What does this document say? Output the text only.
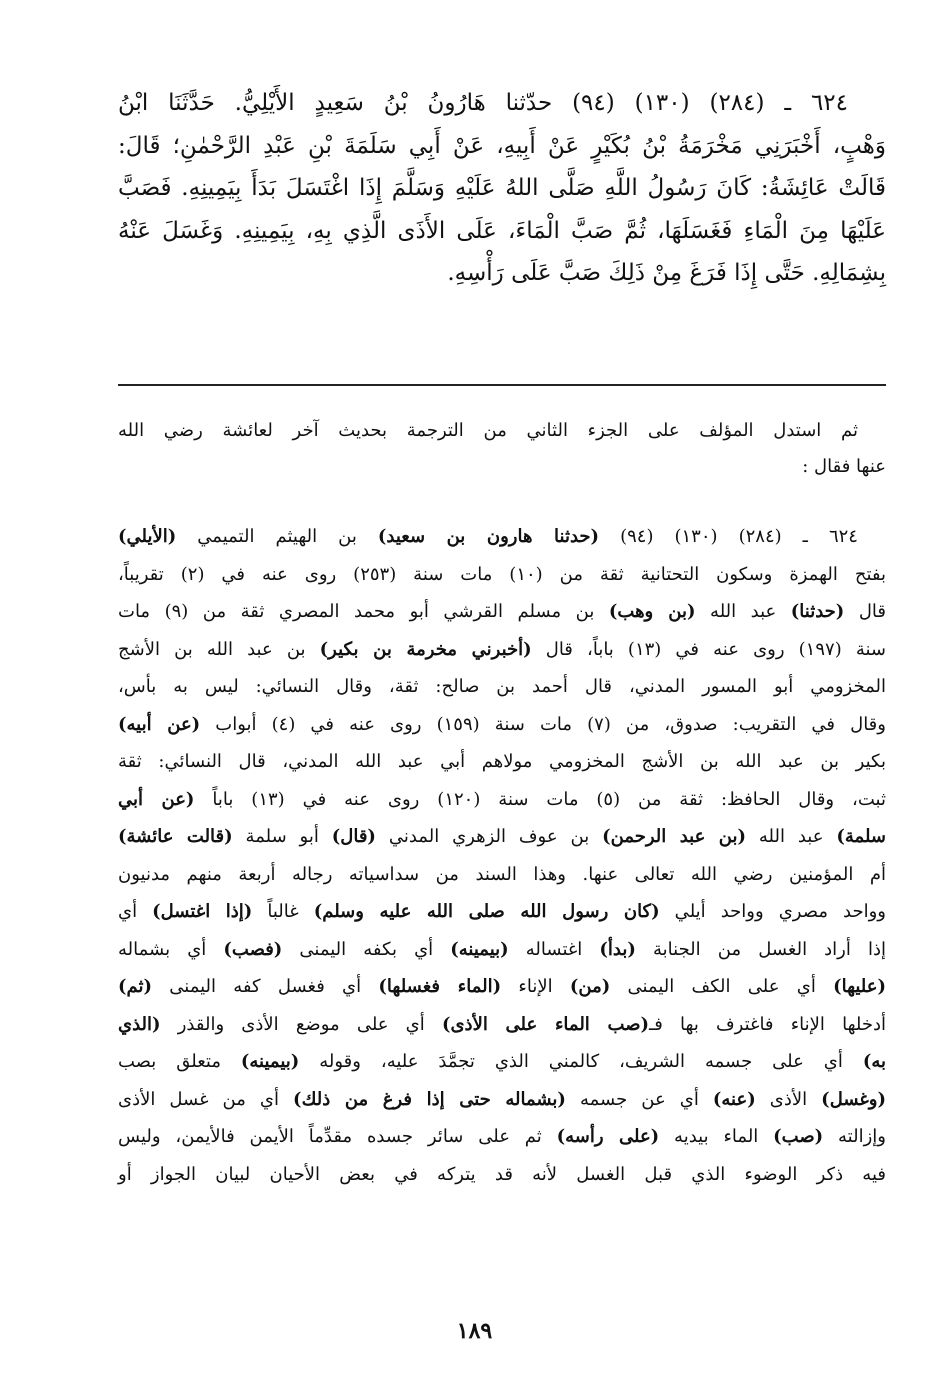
٦٢٤ ـ (٢٨٤) (١٣٠) (٩٤) حدّثنا هَارُونُ بْنُ سَعِيدٍ الأَيْلِيُّ. حَدَّثَنَا ابْنُ
وَهْبٍ، أَخْبَرَنِي مَخْرَمَةُ بْنُ بُكَيْرٍ عَنْ أَبِيهِ، عَنْ أَبِي سَلَمَةَ بْنِ عَبْدِ الرَّحْمٰنِ؛ قَالَ:
قَالَتْ عَائِشَةُ: كَانَ رَسُولُ اللَّهِ صَلَّى اللهُ عَلَيْهِ وَسَلَّمَ إِذَا اغْتَسَلَ بَدَأَ بِيَمِينِهِ. فَصَبَّ
عَلَيْهَا مِنَ الْمَاءِ فَغَسَلَهَا، ثُمَّ صَبَّ الْمَاءَ، عَلَى الأَذَى الَّذِي بِهِ، بِيَمِينِهِ. وَغَسَلَ عَنْهُ
بِشِمَالِهِ. حَتَّى إِذَا فَرَغَ مِنْ ذَلِكَ صَبَّ عَلَى رَأْسِهِ.
ثم استدل المؤلف على الجزء الثاني من الترجمة بحديث آخر لعائشة رضي الله
عنها فقال :
٦٢٤ ـ (٢٨٤) (١٣٠) (٩٤) (حدثنا هارون بن سعيد) بن الهيثم التميمي (الأيلي)
بفتح الهمزة وسكون التحتانية ثقة من (١٠) مات سنة (٢٥٣) روى عنه في (٢) تقريباً،
قال (حدثنا) عبد الله (بن وهب) بن مسلم القرشي أبو محمد المصري ثقة من (٩) مات
سنة (١٩٧) روى عنه في (١٣) باباً، قال (أخبرني مخرمة بن بكير) بن عبد الله بن الأشج
المخزومي أبو المسور المدني، قال أحمد بن صالح: ثقة، وقال النسائي: ليس به بأس،
وقال في التقريب: صدوق، من (٧) مات سنة (١٥٩) روى عنه في (٤) أبواب (عن أبيه)
بكير بن عبد الله بن الأشج المخزومي مولاهم أبي عبد الله المدني، قال النسائي: ثقة
ثبت، وقال الحافظ: ثقة من (٥) مات سنة (١٢٠) روى عنه في (١٣) باباً (عن أبي
سلمة) عبد الله (بن عبد الرحمن) بن عوف الزهري المدني (قال) أبو سلمة (قالت عائشة)
أم المؤمنين رضي الله تعالى عنها. وهذا السند من سداسياته رجاله أربعة منهم مدنيون
وواحد مصري وواحد أيلي (كان رسول الله صلى الله عليه وسلم) غالباً (إذا اغتسل) أي
إذا أراد الغسل من الجنابة (بدأ) اغتساله (بيمينه) أي بكفه اليمنى (فصب) أي بشماله
(عليها) أي على الكف اليمنى (من) الإناء (الماء فغسلها) أي فغسل كفه اليمنى (ثم)
أدخلها الإناء فاغترف بها فـ(صب الماء على الأذى) أي على موضع الأذى والقذر (الذي
به) أي على جسمه الشريف، كالمني الذي تجمَّدَ عليه، وقوله (بيمينه) متعلق بصب
(وغسل) الأذى (عنه) أي عن جسمه (بشماله حتى إذا فرغ من ذلك) أي من غسل الأذى
وإزالته (صب) الماء بيديه (على رأسه) ثم على سائر جسده مقدِّماً الأيمن فالأيمن، وليس
فيه ذكر الوضوء الذي قبل الغسل لأنه قد يتركه في بعض الأحيان لبيان الجواز أو
١٨٩
